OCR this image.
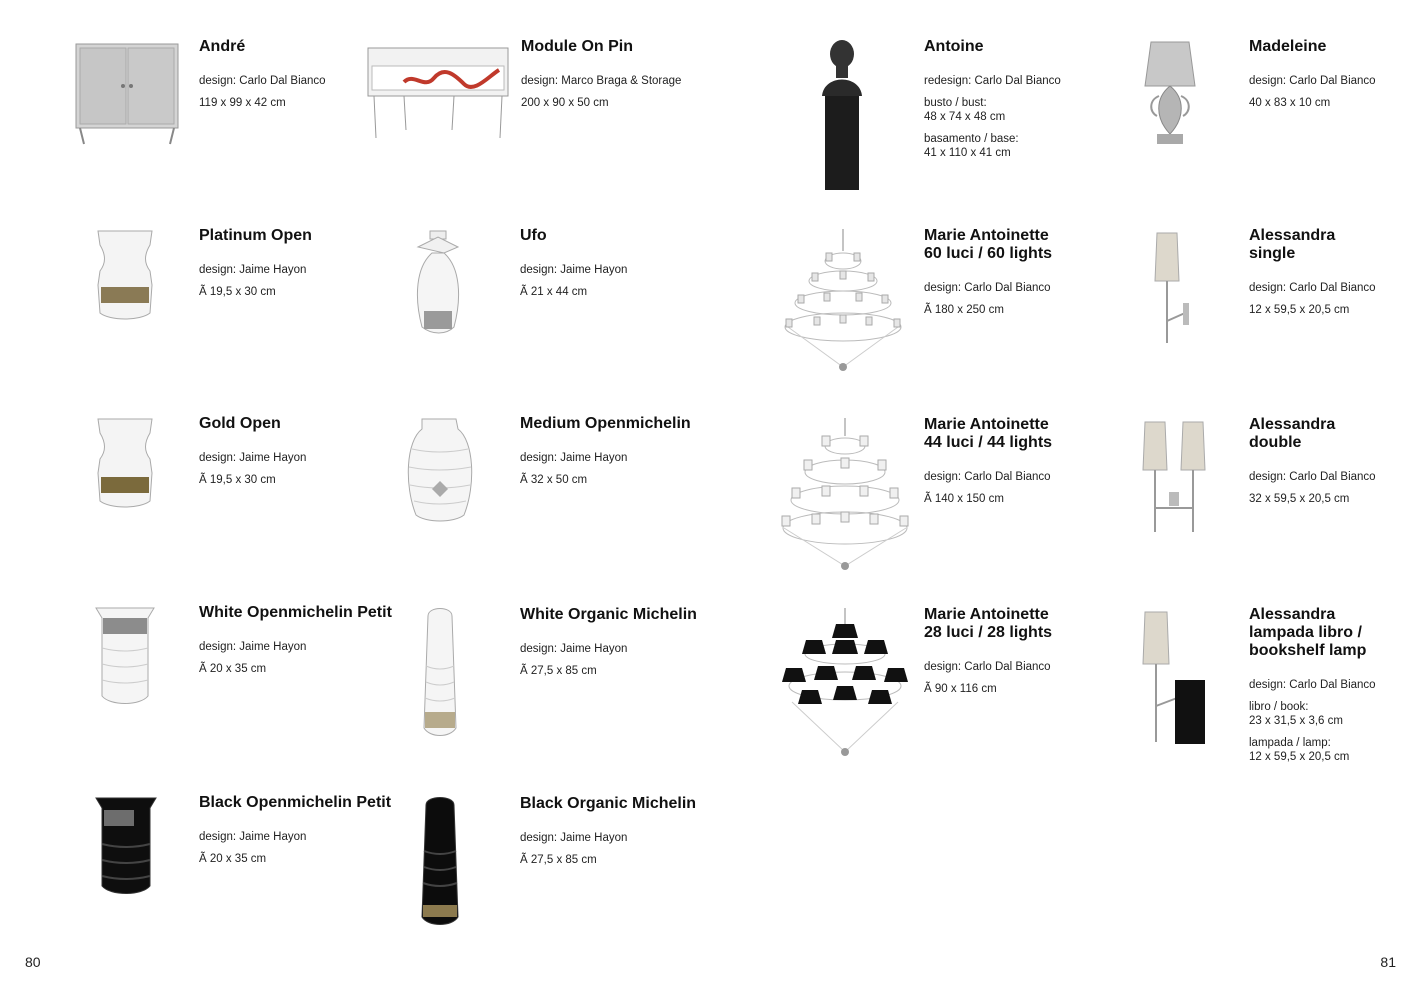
André
design: Carlo Dal Bianco
119 x 99 x 42 cm
Module On Pin
design: Marco Braga & Storage
200 x 90 x 50 cm
Antoine
redesign: Carlo Dal Bianco
busto / bust:
48 x 74 x 48 cm
basamento / base:
41 x 110 x 41 cm
Madeleine
design: Carlo Dal Bianco
40 x 83 x 10 cm
Platinum Open
design: Jaime Hayon
Ã 19,5 x 30 cm
Ufo
design: Jaime Hayon
Ã 21 x 44 cm
Marie Antoinette
60 luci / 60 lights
design: Carlo Dal Bianco
Ã 180 x 250 cm
Alessandra
single
design: Carlo Dal Bianco
12 x 59,5 x 20,5 cm
Gold Open
design: Jaime Hayon
Ã 19,5 x 30 cm
Medium Openmichelin
design: Jaime Hayon
Ã 32 x 50 cm
Marie Antoinette
44 luci / 44 lights
design: Carlo Dal Bianco
Ã 140 x 150 cm
Alessandra
double
design: Carlo Dal Bianco
32 x 59,5 x 20,5 cm
White Openmichelin Petit
design: Jaime Hayon
Ã 20 x 35 cm
White Organic Michelin
design: Jaime Hayon
Ã 27,5 x 85 cm
Marie Antoinette
28 luci / 28 lights
design: Carlo Dal Bianco
Ã 90 x 116 cm
Alessandra
lampada libro /
bookshelf lamp
design: Carlo Dal Bianco
libro / book:
23 x 31,5 x 3,6 cm
lampada / lamp:
12 x 59,5 x 20,5 cm
Black Openmichelin Petit
design: Jaime Hayon
Ã 20 x 35 cm
Black Organic Michelin
design: Jaime Hayon
Ã 27,5 x 85 cm
80	81
